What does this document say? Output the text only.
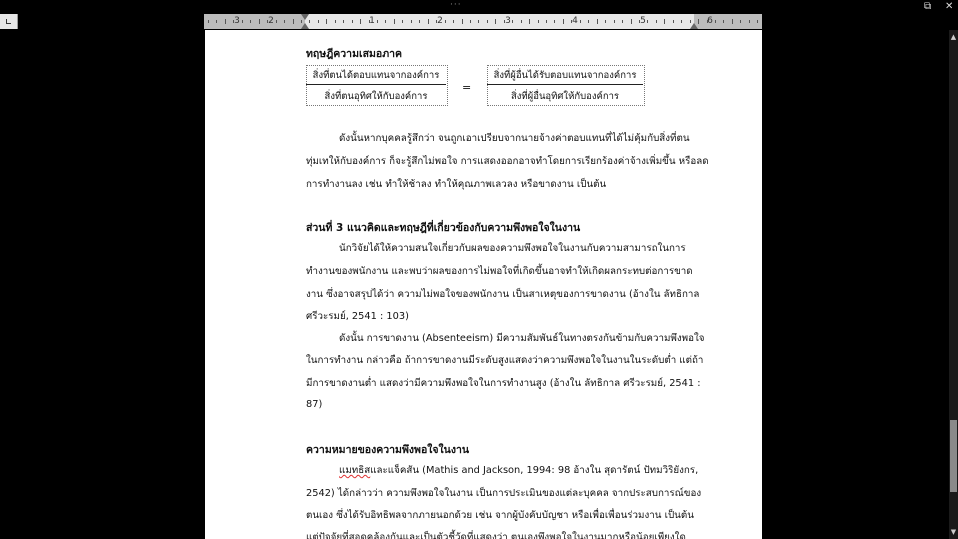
···	⧉ ✕
3	2	1	2	3	4	5	6
ทฤษฎีความเสมอภาค
สิ่งที่ตนได้ตอบแทนจากองค์การ
สิ่งที่ตนอุทิศให้กับองค์การ
=
สิ่งที่ผู้อื่นได้รับตอบแทนจากองค์การ
สิ่งที่ผู้อื่นอุทิศให้กับองค์การ
ดังนั้นหากบุคคลรู้สึกว่า จนถูกเอาเปรียบจากนายจ้างค่าตอบแทนที่ได้ไม่คุ้มกับสิ่งที่ตน
ทุ่มเทให้กับองค์การ ก็จะรู้สึกไม่พอใจ การแสดงออกอาจทำโดยการเรียกร้องค่าจ้างเพิ่มขึ้น หรือลด
การทำงานลง เช่น ทำให้ช้าลง ทำให้คุณภาพเลวลง หรือขาดงาน เป็นต้น
ส่วนที่ 3 แนวคิดและทฤษฎีที่เกี่ยวข้องกับความพึงพอใจในงาน
นักวิจัยได้ให้ความสนใจเกี่ยวกับผลของความพึงพอใจในงานกับความสามารถในการ
ทำงานของพนักงาน และพบว่าผลของการไม่พอใจที่เกิดขึ้นอาจทำให้เกิดผลกระทบต่อการขาด
งาน ซึ่งอาจสรุปได้ว่า ความไม่พอใจของพนักงาน เป็นสาเหตุของการขาดงาน (อ้างใน ลัทธิกาล
ศรีวะรมย์, 2541 : 103)
ดังนั้น การขาดงาน (Absenteeism) มีความสัมพันธ์ในทางตรงกันข้ามกับความพึงพอใจ
ในการทำงาน กล่าวคือ ถ้าการขาดงานมีระดับสูงแสดงว่าความพึงพอใจในงานในระดับต่ำ แต่ถ้า
มีการขาดงานต่ำ แสดงว่ามีความพึงพอใจในการทำงานสูง (อ้างใน ลัทธิกาล ศรีวะรมย์, 2541 :
87)
ความหมายของความพึงพอใจในงาน
แมทธิสและแจ็คสัน (Mathis and Jackson, 1994: 98 อ้างใน สุดารัตน์ ปัทมวิริยังกร,
2542) ได้กล่าวว่า ความพึงพอใจในงาน เป็นการประเมินของแต่ละบุคคล จากประสบการณ์ของ
ตนเอง ซึ่งได้รับอิทธิพลจากภายนอกด้วย เช่น จากผู้บังคับบัญชา หรือเพื่อเพื่อนร่วมงาน เป็นต้น
แต่ปัจจัยที่สอดคล้องกันและเป็นตัวชี้วัดที่แสดงว่า ตนเองพึงพอใจในงานมากหรือน้อยเพียงใด
▲
▼
